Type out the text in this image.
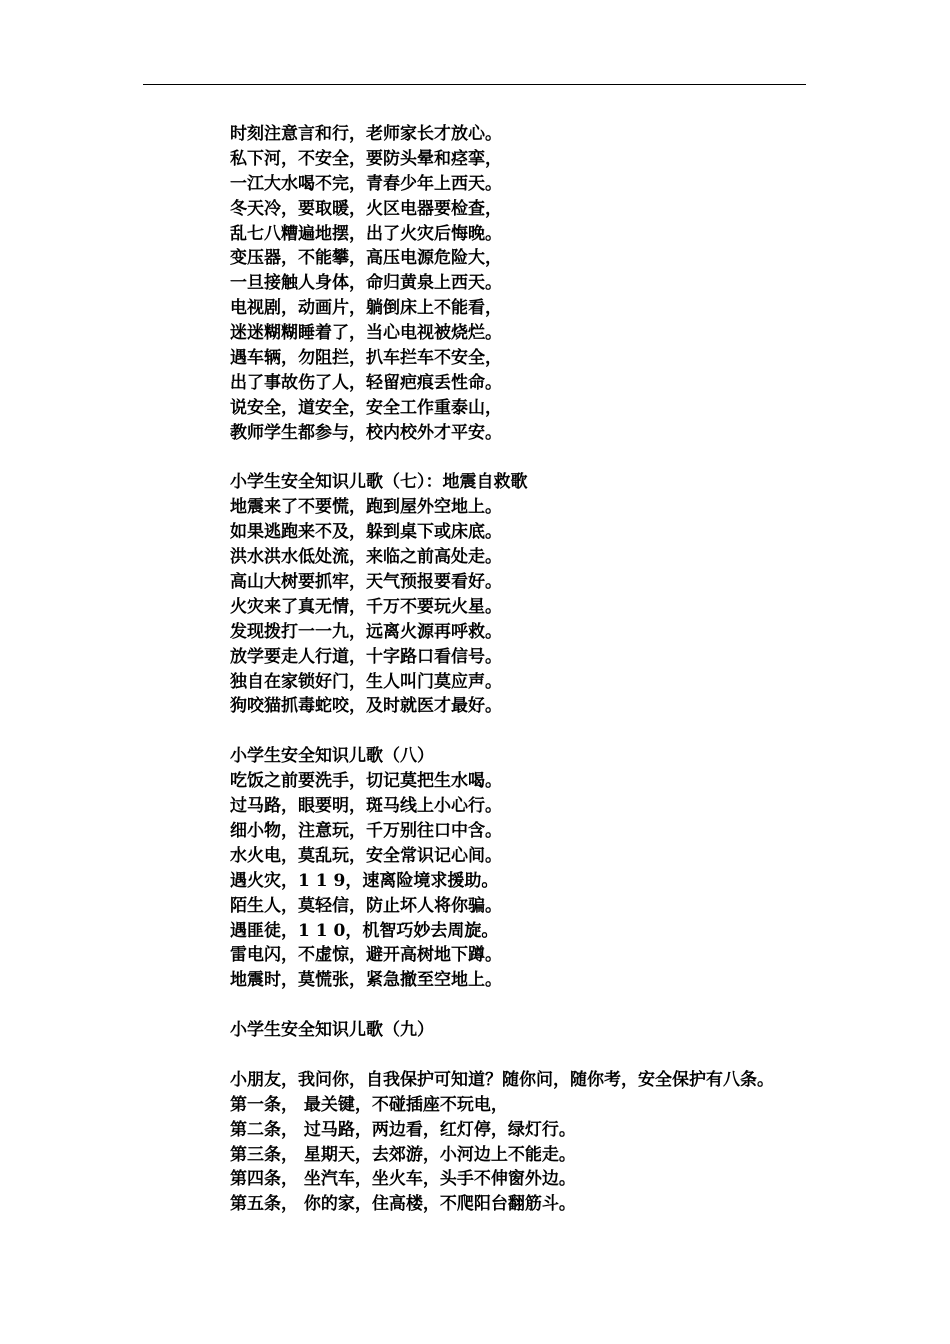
时刻注意言和行，老师家长才放心。
私下河，不安全，要防头晕和痉挛，
一江大水喝不完，青春少年上西天。
冬天冷，要取暖，火区电器要检查，
乱七八糟遍地摆，出了火灾后悔晚。
变压器，不能攀，高压电源危险大，
一旦接触人身体，命归黄泉上西天。
电视剧，动画片，躺倒床上不能看，
迷迷糊糊睡着了，当心电视被烧烂。
遇车辆，勿阻拦，扒车拦车不安全，
出了事故伤了人，轻留疤痕丢性命。
说安全，道安全，安全工作重泰山，
教师学生都参与，校内校外才平安。
小学生安全知识儿歌（七）：地震自救歌
地震来了不要慌，跑到屋外空地上。
如果逃跑来不及，躲到桌下或床底。
洪水洪水低处流，来临之前高处走。
高山大树要抓牢，天气预报要看好。
火灾来了真无情，千万不要玩火星。
发现拨打一一九，远离火源再呼救。
放学要走人行道，十字路口看信号。
独自在家锁好门，生人叫门莫应声。
狗咬猫抓毒蛇咬，及时就医才最好。
小学生安全知识儿歌（八）
吃饭之前要洗手，切记莫把生水喝。
过马路，眼要明，斑马线上小心行。
细小物，注意玩，千万别往口中含。
水火电，莫乱玩，安全常识记心间。
遇火灾，1 1 9，速离险境求援助。
陌生人，莫轻信，防止坏人将你骗。
遇匪徒，1 1 0，机智巧妙去周旋。
雷电闪，不虚惊，避开高树地下蹲。
地震时，莫慌张，紧急撤至空地上。
小学生安全知识儿歌（九）
小朋友，我问你，自我保护可知道？随你问，随你考，安全保护有八条。
第一条， 最关键，不碰插座不玩电，
第二条， 过马路，两边看，红灯停，绿灯行。
第三条， 星期天，去郊游，小河边上不能走。
第四条， 坐汽车，坐火车，头手不伸窗外边。
第五条， 你的家，住高楼，不爬阳台翻筋斗。
